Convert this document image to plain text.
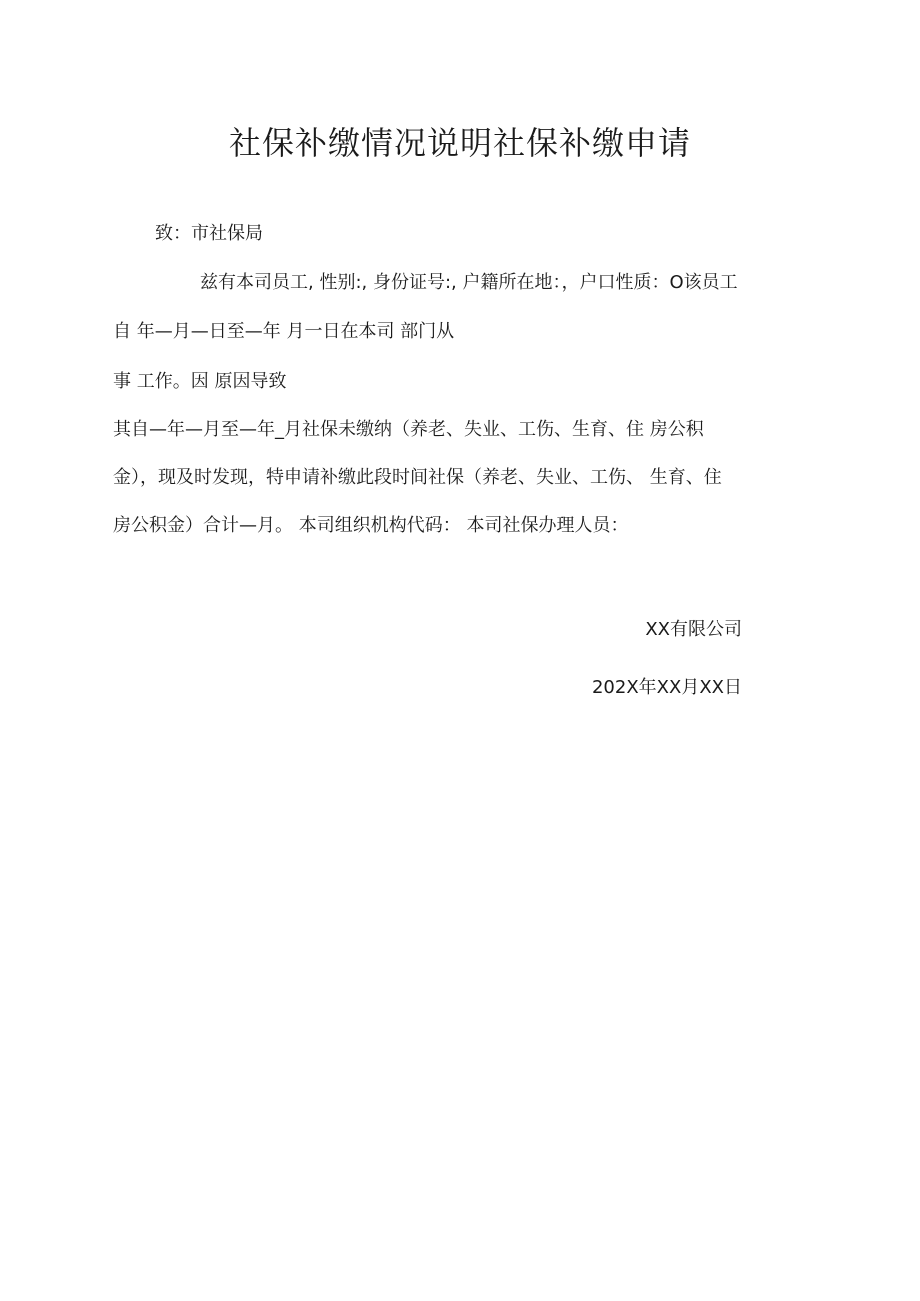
社保补缴情况说明社保补缴申请
致：市社保局
兹有本司员工, 性别:, 身份证号:, 户籍所在地：，户口性质：O该员工
自 年—月—日至—年 月一日在本司 部门从
事 工作。因 原因导致
其自—年—月至—年_月社保未缴纳（养老、失业、工伤、生育、住 房公积
金），现及时发现，特申请补缴此段时间社保（养老、失业、工伤、 生育、住
房公积金）合计—月。 本司组织机构代码： 本司社保办理人员：
XX有限公司
202X年XX月XX日
